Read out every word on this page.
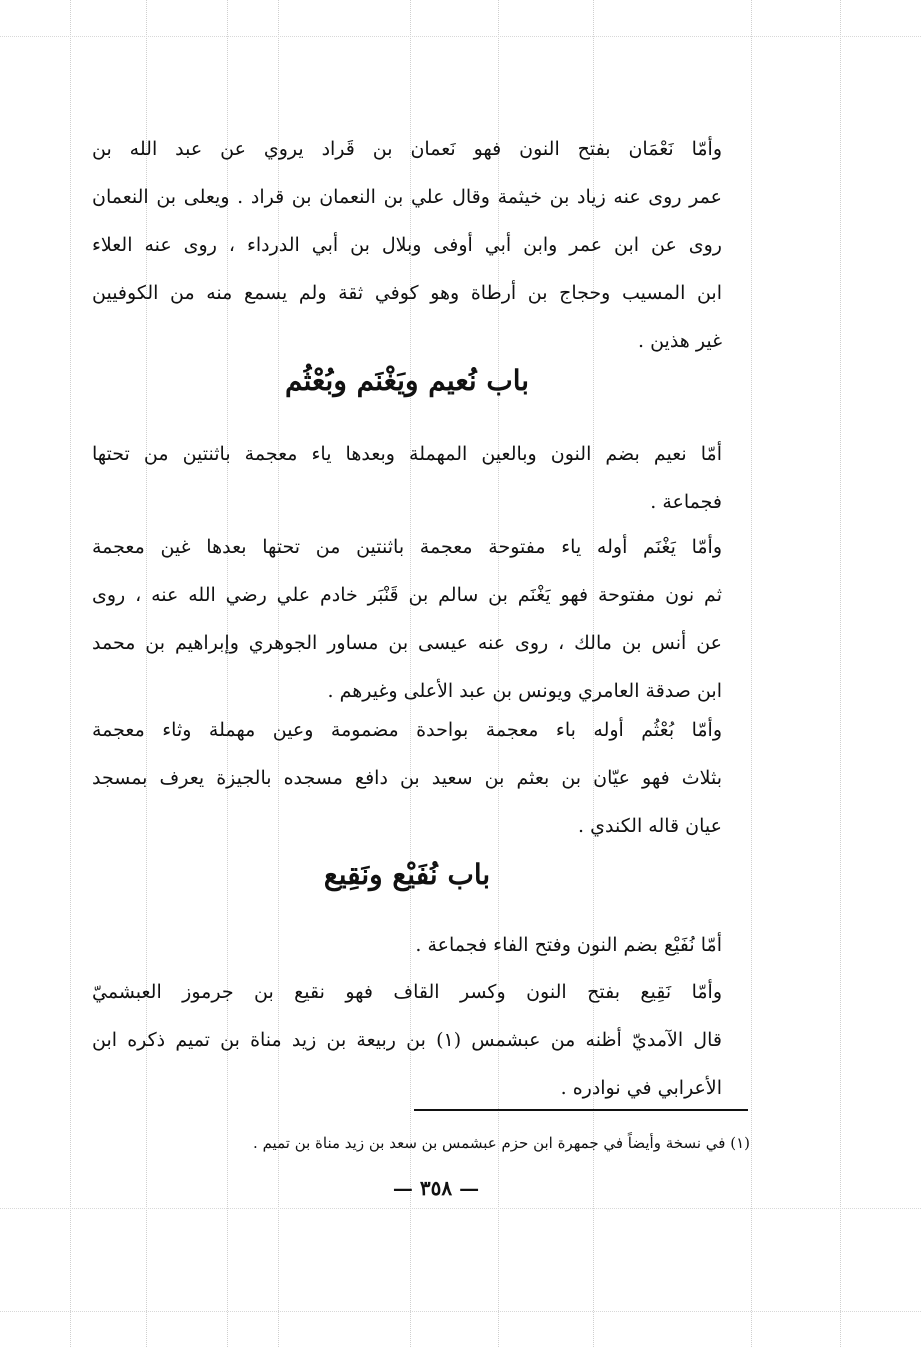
وأمّا نَعْمَان بفتح النون فهو نَعمان بن قَراد يروي عن عبد الله بن
عمر روى عنه زياد بن خيثمة وقال علي بن النعمان بن قراد . ويعلى بن النعمان
روى عن ابن عمر وابن أبي أوفى وبلال بن أبي الدرداء ، روى عنه العلاء
ابن المسيب وحجاج بن أرطاة وهو كوفي ثقة ولم يسمع منه من الكوفيين
غير هذين .
باب نُعيم ويَغْنَم وبُعْثُم
أمّا نعيم بضم النون وبالعين المهملة وبعدها ياء معجمة باثنتين من تحتها
فجماعة .
وأمّا يَغْنَم أوله ياء مفتوحة معجمة باثنتين من تحتها بعدها غين معجمة
ثم نون مفتوحة فهو يَغْنَم بن سالم بن قَنْبَر خادم علي رضي الله عنه ، روى
عن أنس بن مالك ، روى عنه عيسى بن مساور الجوهري وإبراهيم بن محمد
ابن صدقة العامري ويونس بن عبد الأعلى وغيرهم .
وأمّا بُعْثُم أوله باء معجمة بواحدة مضمومة وعين مهملة وثاء معجمة
بثلاث فهو عيّان بن بعثم بن سعيد بن دافع مسجده بالجيزة يعرف بمسجد
عيان قاله الكندي .
باب نُفَيْع ونَقِيع
أمّا نُفَيْع بضم النون وفتح الفاء فجماعة .
وأمّا نَقِيع بفتح النون وكسر القاف فهو نقيع بن جرموز العبشميّ
قال الآمديّ أظنه من عبشمس (١) بن ربيعة بن زيد مناة بن تميم ذكره ابن
الأعرابي في نوادره .
(١) في نسخة وأيضاً في جمهرة ابن حزم عبشمس بن سعد بن زيد مناة بن تميم .
— ٣٥٨ —
